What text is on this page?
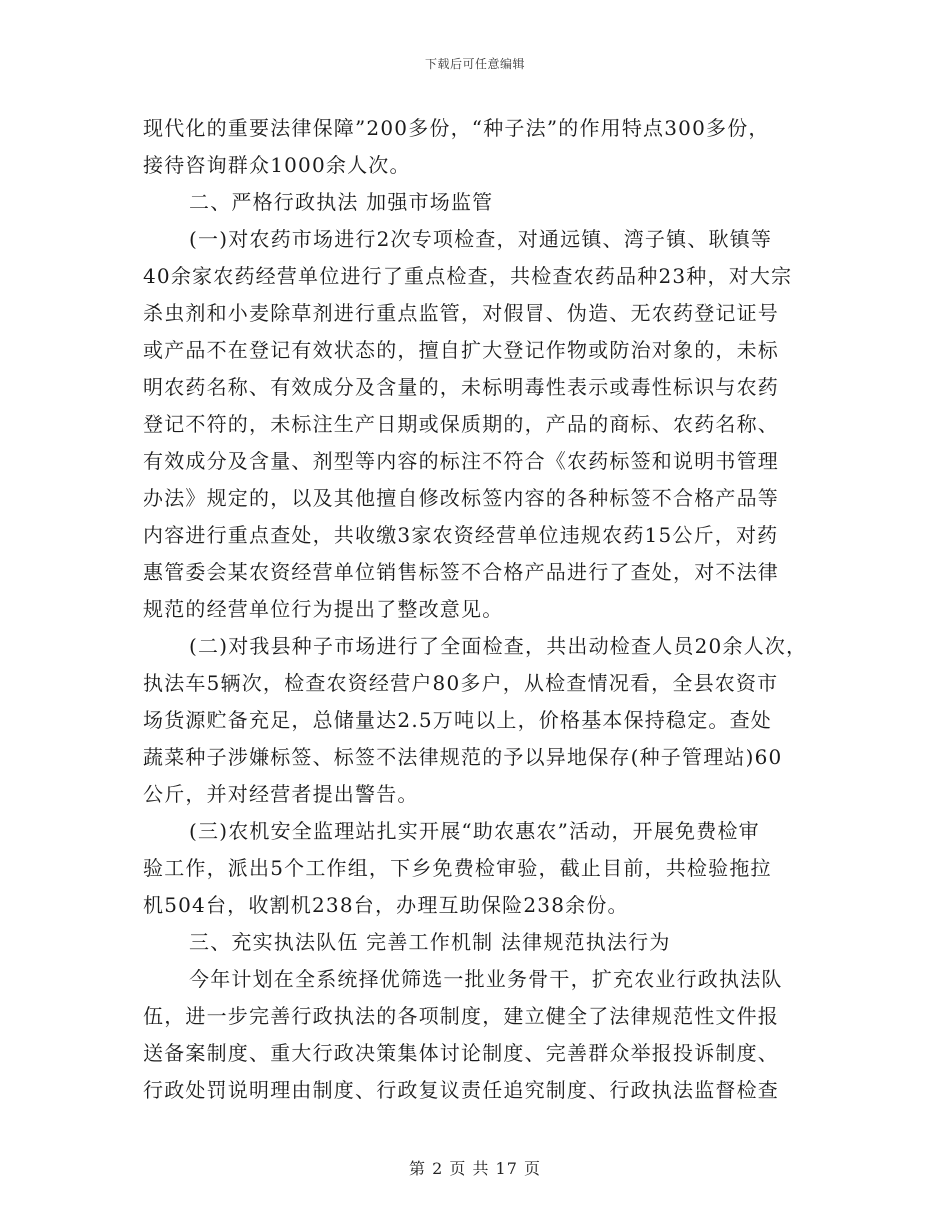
下载后可任意编辑
现代化的重要法律保障”200多份，“种子法”的作用特点300多份，
接待咨询群众1000余人次。
二、严格行政执法 加强市场监管
(一)对农药市场进行2次专项检查，对通远镇、湾子镇、耿镇等
40余家农药经营单位进行了重点检查，共检查农药品种23种，对大宗
杀虫剂和小麦除草剂进行重点监管，对假冒、伪造、无农药登记证号
或产品不在登记有效状态的，擅自扩大登记作物或防治对象的，未标
明农药名称、有效成分及含量的，未标明毒性表示或毒性标识与农药
登记不符的，未标注生产日期或保质期的，产品的商标、农药名称、
有效成分及含量、剂型等内容的标注不符合《农药标签和说明书管理
办法》规定的，以及其他擅自修改标签内容的各种标签不合格产品等
内容进行重点查处，共收缴3家农资经营单位违规农药15公斤，对药
惠管委会某农资经营单位销售标签不合格产品进行了查处，对不法律
规范的经营单位行为提出了整改意见。
(二)对我县种子市场进行了全面检查，共出动检查人员20余人次，
执法车5辆次，检查农资经营户80多户，从检查情况看，全县农资市
场货源贮备充足，总储量达2.5万吨以上，价格基本保持稳定。查处
蔬菜种子涉嫌标签、标签不法律规范的予以异地保存(种子管理站)60
公斤，并对经营者提出警告。
(三)农机安全监理站扎实开展“助农惠农”活动，开展免费检审
验工作，派出5个工作组，下乡免费检审验，截止目前，共检验拖拉
机504台，收割机238台，办理互助保险238余份。
三、充实执法队伍 完善工作机制 法律规范执法行为
今年计划在全系统择优筛选一批业务骨干，扩充农业行政执法队
伍，进一步完善行政执法的各项制度，建立健全了法律规范性文件报
送备案制度、重大行政决策集体讨论制度、完善群众举报投诉制度、
行政处罚说明理由制度、行政复议责任追究制度、行政执法监督检查
第 2 页 共 17 页
